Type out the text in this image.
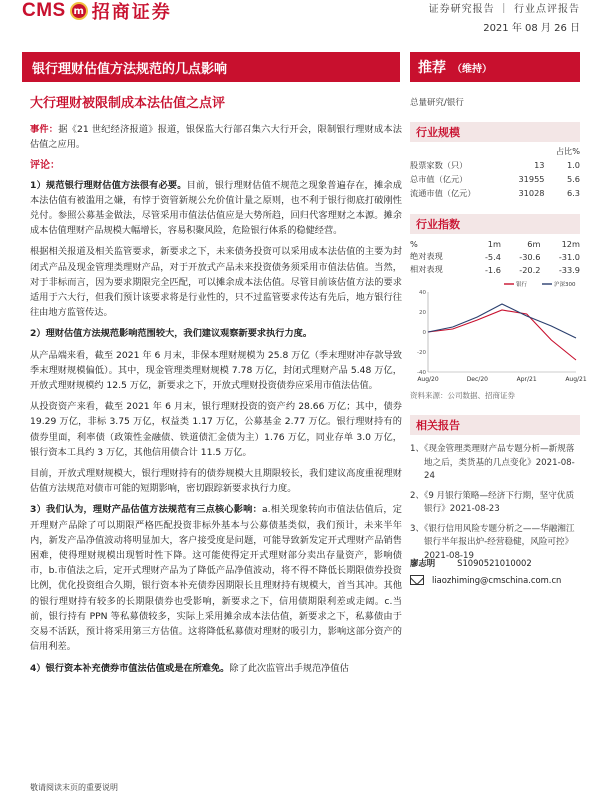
CMS m 招商证券	证券研究报告 ｜ 行业点评报告
2021 年 08 月 26 日
银行理财估值方法规范的几点影响	推荐 （维持）
大行理财被限制成本法估值之点评

事件：据《21 世纪经济报道》报道，银保监大行部召集六大行开会，限制银行理财成本法估值之应用。

评论：

1）规范银行理财估值方法很有必要。目前，银行理财估值不规范之现象普遍存在，摊余成本法估值有被滥用之嫌，有悖于资管新规公允价值计量之原则，也不利于银行彻底打破刚性兑付。参照公募基金做法，尽管采用市值法估值应是大势所趋，回归代客理财之本源。摊余成本估值理财产品规模大幅增长，容易积聚风险，危险银行体系的稳健经营。

根据相关报道及相关监管要求，新要求之下，未来债务投资可以采用成本法估值的主要为封闭式产品及现金管理类理财产品，对于开放式产品未来投资债务须采用市值法估值。当然，对于非标而言，因为要求期限完全匹配，可以摊余成本法估值。尽管目前该估值方法的要求适用于六大行，但我们预计该要求将是行业性的，只不过监管要求传达有先后，地方银行往往由地方监管传达。

2）理财估值方法规范影响范围较大，我们建议观察新要求执行力度。

从产品端来看，截至 2021 年 6 月末，非保本理财规模为 25.8 万亿（季末理财冲存款导致季末理财规模偏低）。其中，现金管理类理财规模 7.78 万亿，封闭式理财产品 5.48 万亿，开放式理财规模约 12.5 万亿，新要求之下，开放式理财投资债券应采用市值法估值。

从投资资产来看，截至 2021 年 6 月末，银行理财投资的资产约 28.66 万亿；其中，债券 19.29 万亿，非标 3.75 万亿，权益类 1.17 万亿，公募基金 2.77 万亿。银行理财持有的债券里面，利率债（政策性金融债、铁道债汇金债为主）1.76 万亿，同业存单 3.0 万亿，银行资本工具约 3 万亿，其他信用债合计 11.5 万亿。

目前，开放式理财规模大，银行理财持有的债券规模大且期限较长，我们建议高度重视理财估值方法规范对债市可能的短期影响，密切跟踪新要求执行力度。

3）我们认为，理财产品估值方法规范有三点核心影响：a.相关现象转向市值法估值后，定开理财产品除了可以期限严格匹配投资非标外基本与公募债基类似，我们预计，未来半年内，新发产品净值波动将明显加大，客户接受度是问题，可能导致新发定开式理财产品销售困难，使得理财规模出现暂时性下降。这可能使得定开式理财部分卖出存量资产，影响债市，b.市值法之后，定开式理财产品为了降低产品净值波动，将不得不降低长期限债券投资比例，优化投资组合久期，银行资本补充债券因期限长且理财持有规模大，首当其冲。其他的银行理财持有较多的长期限债券也受影响，新要求之下，信用债期限利差或走阔。c.当前，银行持有 PPN 等私募债较多，实际上采用摊余成本法估值，新要求之下，私募债由于交易不活跃，预计将采用第三方估值。这将降低私募债对理财的吸引力，影响这部分资产的信用利差。

4）银行资本补充债券市值法估值或是在所难免。除了此次监管出手规范净值估

敬请阅读末页的重要说明
总量研究/银行
行业规模
		占比%
股票家数（只）	13	1.0
总市值（亿元）	31955	5.6
流通市值（亿元）	31028	6.3
行业指数
%	1m	6m	12m
绝对表现	-5.4	-30.6	-31.0
相对表现	-1.6	-20.2	-33.9
-40
-20
0
20
40
Aug/20	Dec/20	Apr/21	Aug/21
银行	沪深300
资料来源：公司数据、招商证券
相关报告
1、《现金管理类理财产品专题分析—新规落地之后，类货基的几点变化》2021-08-24
2、《9 月银行策略—经济下行期，坚守优质银行》2021-08-23
3、《银行信用风险专题分析之——华融湘江银行半年报出炉-经营稳健，风险可控》2021-08-19
廖志明	S1090521010002
liaozhiming@cmschina.com.cn
